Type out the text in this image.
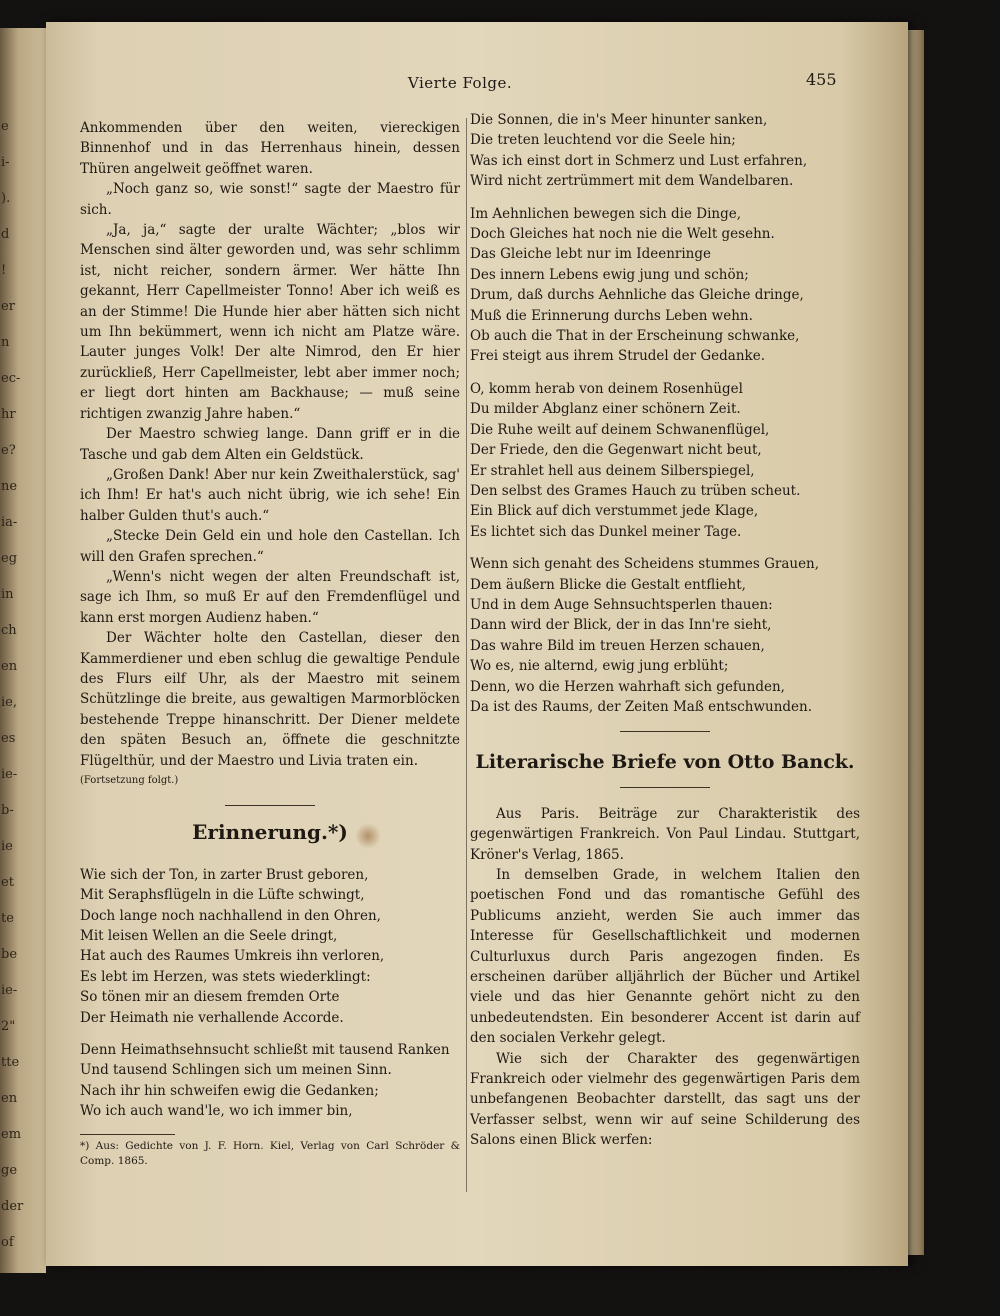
e
i-
).
d
!
er
n
ec-
hr
e?
ne
ia-
eg
in
ch
en
ie,
es
ie-
b-
ie
et
te
be
ie-
2"
tte
en
em
ge
der
of
Vierte Folge.	455

Ankommenden über den weiten, viereckigen Binnenhof und in das Herrenhaus hinein, dessen Thüren angelweit geöffnet waren.

„Noch ganz so, wie sonst!“ sagte der Maestro für sich.

„Ja, ja,“ sagte der uralte Wächter; „blos wir Menschen sind älter geworden und, was sehr schlimm ist, nicht reicher, sondern ärmer. Wer hätte Ihn gekannt, Herr Capellmeister Tonno! Aber ich weiß es an der Stimme! Die Hunde hier aber hätten sich nicht um Ihn bekümmert, wenn ich nicht am Platze wäre. Lauter junges Volk! Der alte Nimrod, den Er hier zurückließ, Herr Capellmeister, lebt aber immer noch; er liegt dort hinten am Backhause; — muß seine richtigen zwanzig Jahre haben.“

Der Maestro schwieg lange. Dann griff er in die Tasche und gab dem Alten ein Geldstück.

„Großen Dank! Aber nur kein Zweithalerstück, sag' ich Ihm! Er hat's auch nicht übrig, wie ich sehe! Ein halber Gulden thut's auch.“

„Stecke Dein Geld ein und hole den Castellan. Ich will den Grafen sprechen.“

„Wenn's nicht wegen der alten Freundschaft ist, sage ich Ihm, so muß Er auf den Fremdenflügel und kann erst morgen Audienz haben.“

Der Wächter holte den Castellan, dieser den Kammerdiener und eben schlug die gewaltige Pendule des Flurs eilf Uhr, als der Maestro mit seinem Schützlinge die breite, aus gewaltigen Marmorblöcken bestehende Treppe hinanschritt. Der Diener meldete den späten Besuch an, öffnete die geschnitzte Flügelthür, und der Maestro und Livia traten ein.

(Fortsetzung folgt.)

Erinnerung.*)

Wie sich der Ton, in zarter Brust geboren,

Mit Seraphsflügeln in die Lüfte schwingt,

Doch lange noch nachhallend in den Ohren,

Mit leisen Wellen an die Seele dringt,

Hat auch des Raumes Umkreis ihn verloren,

Es lebt im Herzen, was stets wiederklingt:

So tönen mir an diesem fremden Orte

Der Heimath nie verhallende Accorde.

Denn Heimathsehnsucht schließt mit tausend Ranken

Und tausend Schlingen sich um meinen Sinn.

Nach ihr hin schweifen ewig die Gedanken;

Wo ich auch wand'le, wo ich immer bin,

*) Aus: Gedichte von J. F. Horn. Kiel, Verlag von Carl Schröder & Comp. 1865.

Die Sonnen, die in's Meer hinunter sanken,

Die treten leuchtend vor die Seele hin;

Was ich einst dort in Schmerz und Lust erfahren,

Wird nicht zertrümmert mit dem Wandelbaren.

Im Aehnlichen bewegen sich die Dinge,

Doch Gleiches hat noch nie die Welt gesehn.

Das Gleiche lebt nur im Ideenringe

Des innern Lebens ewig jung und schön;

Drum, daß durchs Aehnliche das Gleiche dringe,

Muß die Erinnerung durchs Leben wehn.

Ob auch die That in der Erscheinung schwanke,

Frei steigt aus ihrem Strudel der Gedanke.

O, komm herab von deinem Rosenhügel

Du milder Abglanz einer schönern Zeit.

Die Ruhe weilt auf deinem Schwanenflügel,

Der Friede, den die Gegenwart nicht beut,

Er strahlet hell aus deinem Silberspiegel,

Den selbst des Grames Hauch zu trüben scheut.

Ein Blick auf dich verstummet jede Klage,

Es lichtet sich das Dunkel meiner Tage.

Wenn sich genaht des Scheidens stummes Grauen,

Dem äußern Blicke die Gestalt entflieht,

Und in dem Auge Sehnsuchtsperlen thauen:

Dann wird der Blick, der in das Inn're sieht,

Das wahre Bild im treuen Herzen schauen,

Wo es, nie alternd, ewig jung erblüht;

Denn, wo die Herzen wahrhaft sich gefunden,

Da ist des Raums, der Zeiten Maß entschwunden.

Literarische Briefe von Otto Banck.

Aus Paris. Beiträge zur Charakteristik des gegenwärtigen Frankreich. Von Paul Lindau. Stuttgart, Kröner's Verlag, 1865.

In demselben Grade, in welchem Italien den poetischen Fond und das romantische Gefühl des Publicums anzieht, werden Sie auch immer das Interesse für Gesellschaftlichkeit und modernen Culturluxus durch Paris angezogen finden. Es erscheinen darüber alljährlich der Bücher und Artikel viele und das hier Genannte gehört nicht zu den unbedeutendsten. Ein besonderer Accent ist darin auf den socialen Verkehr gelegt.

Wie sich der Charakter des gegenwärtigen Frankreich oder vielmehr des gegenwärtigen Paris dem unbefangenen Beobachter darstellt, das sagt uns der Verfasser selbst, wenn wir auf seine Schilderung des Salons einen Blick werfen:
